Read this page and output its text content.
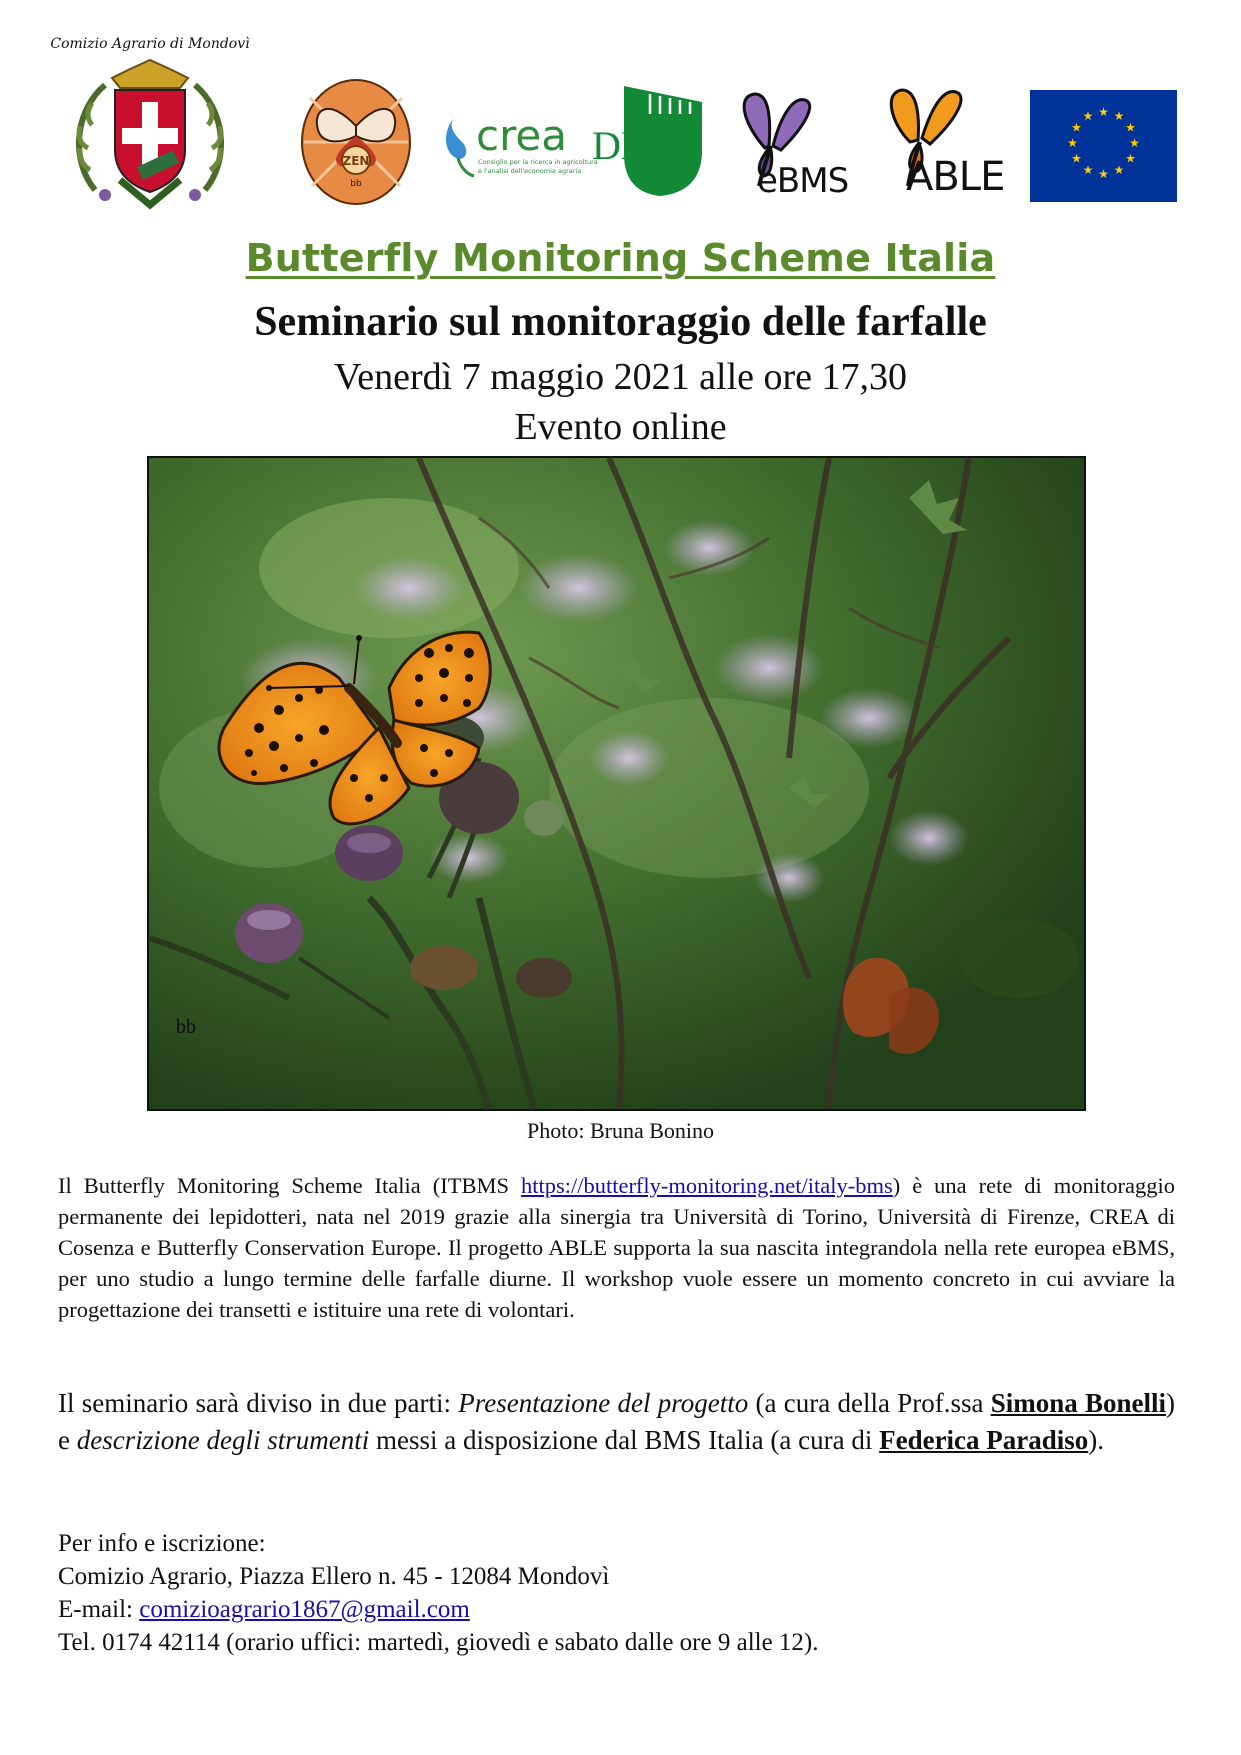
Comizio Agrario di Mondovì
ZEN
bb
crea
Consiglio per la ricerca in agricoltura
e l'analisi dell'economia agraria
DBios
eBMS ABLE
★ ★
★
★
★
★
★
★
★
★
★
★
Butterfly Monitoring Scheme Italia
Seminario sul monitoraggio delle farfalle
Venerdì 7 maggio 2021 alle ore 17,30
Evento online
bb
Photo: Bruna Bonino
Il Butterfly Monitoring Scheme Italia (ITBMS https://butterfly-monitoring.net/italy-bms) è una rete di monitoraggio permanente dei lepidotteri, nata nel 2019 grazie alla sinergia tra Università di Torino, Università di Firenze, CREA di Cosenza e Butterfly Conservation Europe. Il progetto ABLE supporta la sua nascita integrandola nella rete europea eBMS, per uno studio a lungo termine delle farfalle diurne. Il workshop vuole essere un momento concreto in cui avviare la progettazione dei transetti e istituire una rete di volontari.
Il seminario sarà diviso in due parti: Presentazione del progetto (a cura della Prof.ssa Simona Bonelli) e descrizione degli strumenti messi a disposizione dal BMS Italia (a cura di Federica Paradiso).
Per info e iscrizione:
Comizio Agrario, Piazza Ellero n. 45 - 12084 Mondovì
E-mail: comizioagrario1867@gmail.com
Tel. 0174 42114 (orario uffici: martedì, giovedì e sabato dalle ore 9 alle 12).
